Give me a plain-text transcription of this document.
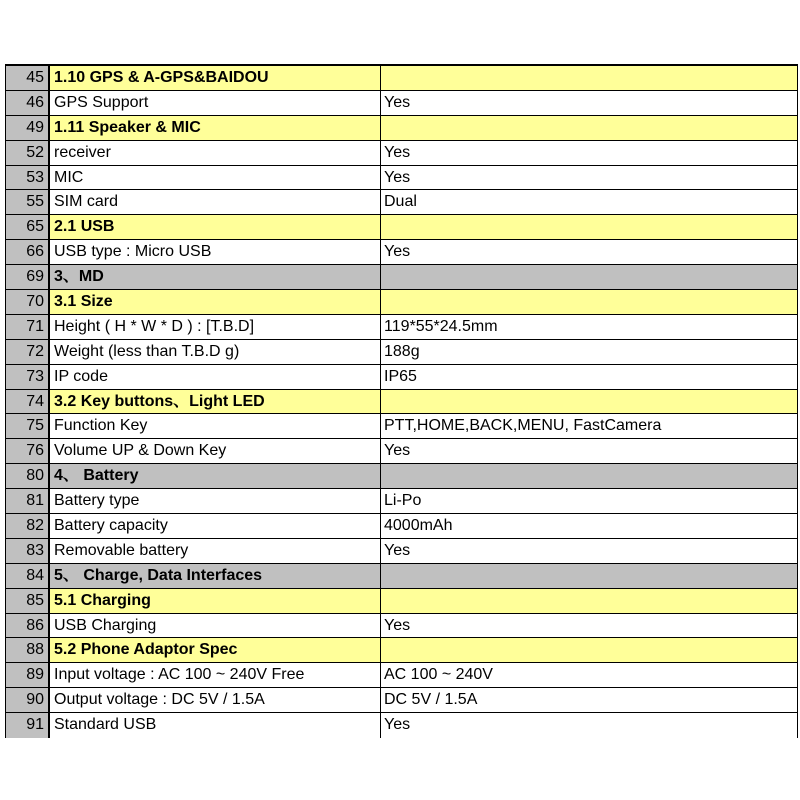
45 1.10 GPS & A-GPS&BAIDOU
46 GPS Support	Yes
49 1.11 Speaker & MIC
52 receiver	Yes
53 MIC	Yes
55 SIM card	Dual
65 2.1 USB
66 USB type : Micro USB	Yes
69 3、MD
70 3.1 Size
71 Height ( H * W * D ) : [T.B.D]	119*55*24.5mm
72 Weight (less than T.B.D g)	188g
73 IP code	IP65
74 3.2 Key buttons、Light LED
75 Function Key	PTT,HOME,BACK,MENU, FastCamera
76 Volume UP & Down Key	Yes
80 4、 Battery
81 Battery type	Li-Po
82 Battery capacity	4000mAh
83 Removable battery	Yes
84 5、 Charge, Data Interfaces
85 5.1 Charging
86 USB Charging	Yes
88 5.2 Phone Adaptor Spec
89 Input voltage : AC 100 ~ 240V Free	AC 100 ~ 240V
90 Output voltage : DC 5V / 1.5A	DC 5V / 1.5A
91 Standard USB	Yes
